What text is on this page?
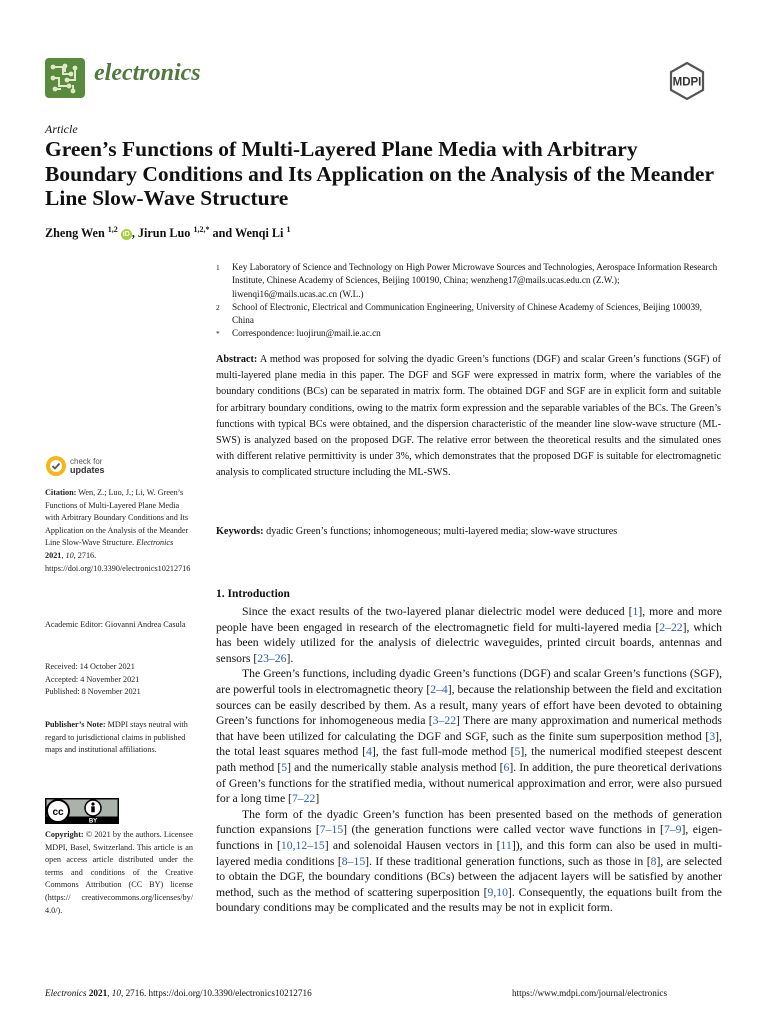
electronics	MDPI
Article
Green’s Functions of Multi-Layered Plane Media with Arbitrary Boundary Conditions and Its Application on the Analysis of the Meander Line Slow-Wave Structure
Zheng Wen $^{1,2}$ iD , Jirun Luo $^{1,2,*}$ and Wenqi Li $^1$
1	Key Laboratory of Science and Technology on High Power Microwave Sources and Technologies, Aerospace Information Research Institute, Chinese Academy of Sciences, Beijing 100190, China; wenzheng17@mails.ucas.edu.cn (Z.W.); liwenqi16@mails.ucas.ac.cn (W.L.)
2	School of Electronic, Electrical and Communication Engineering, University of Chinese Academy of Sciences, Beijing 100039, China
*	Correspondence: luojirun@mail.ie.ac.cn
Abstract: A method was proposed for solving the dyadic Green’s functions (DGF) and scalar Green’s functions (SGF) of multi-layered plane media in this paper. The DGF and SGF were expressed in matrix form, where the variables of the boundary conditions (BCs) can be separated in matrix form. The obtained DGF and SGF are in explicit form and suitable for arbitrary boundary conditions, owing to the matrix form expression and the separable variables of the BCs. The Green’s functions with typical BCs were obtained, and the dispersion characteristic of the meander line slow-wave structure (ML-SWS) is analyzed based on the proposed DGF. The relative error between the theoretical results and the simulated ones with different relative permittivity is under 3%, which demonstrates that the proposed DGF is suitable for electromagnetic analysis to complicated structure including the ML-SWS.
Keywords: dyadic Green’s functions; inhomogeneous; multi-layered media; slow-wave structures
1. Introduction

Since the exact results of the two-layered planar dielectric model were deduced [1], more and more people have been engaged in research of the electromagnetic field for multi-layered media [2–22], which has been widely utilized for the analysis of dielectric waveguides, printed circuit boards, antennas and sensors [23–26].

The Green’s functions, including dyadic Green’s functions (DGF) and scalar Green’s functions (SGF), are powerful tools in electromagnetic theory [2–4], because the relationship between the field and excitation sources can be easily described by them. As a result, many years of effort have been devoted to obtaining Green’s functions for inhomogeneous media [3–22] There are many approximation and numerical methods that have been utilized for calculating the DGF and SGF, such as the finite sum superposition method [3], the total least squares method [4], the fast full-mode method [5], the numerical modified steepest descent path method [5] and the numerically stable analysis method [6]. In addition, the pure theoretical derivations of Green’s functions for the stratified media, without numerical approximation and error, were also pursued for a long time [7–22]

The form of the dyadic Green’s function has been presented based on the methods of generation function expansions [7–15] (the generation functions were called vector wave functions in [7–9], eigen-functions in [10,12–15] and solenoidal Hausen vectors in [11]), and this form can also be used in multi-layered media conditions [8–15]. If these traditional generation functions, such as those in [8], are selected to obtain the DGF, the boundary conditions (BCs) between the adjacent layers will be satisfied by another method, such as the method of scattering superposition [9,10]. Consequently, the equations built from the boundary conditions may be complicated and the results may be not in explicit form.

check for
updates
Citation: Wen, Z.; Luo, J.; Li, W. Green’s Functions of Multi-Layered Plane Media with Arbitrary Boundary Conditions and Its Application on the Analysis of the Meander Line Slow-Wave Structure. Electronics 2021, 10, 2716. https://doi.org/10.3390/electronics10212716
Academic Editor: Giovanni Andrea Casula
Received: 14 October 2021
Accepted: 4 November 2021
Published: 8 November 2021
Publisher’s Note: MDPI stays neutral with regard to jurisdictional claims in published maps and institutional affiliations.
cc
BY
Copyright: © 2021 by the authors. Licensee MDPI, Basel, Switzerland. This article is an open access article distributed under the terms and conditions of the Creative Commons Attribution (CC BY) license (https:// creativecommons.org/licenses/by/ 4.0/).
Electronics 2021, 10, 2716. https://doi.org/10.3390/electronics10212716	https://www.mdpi.com/journal/electronics
